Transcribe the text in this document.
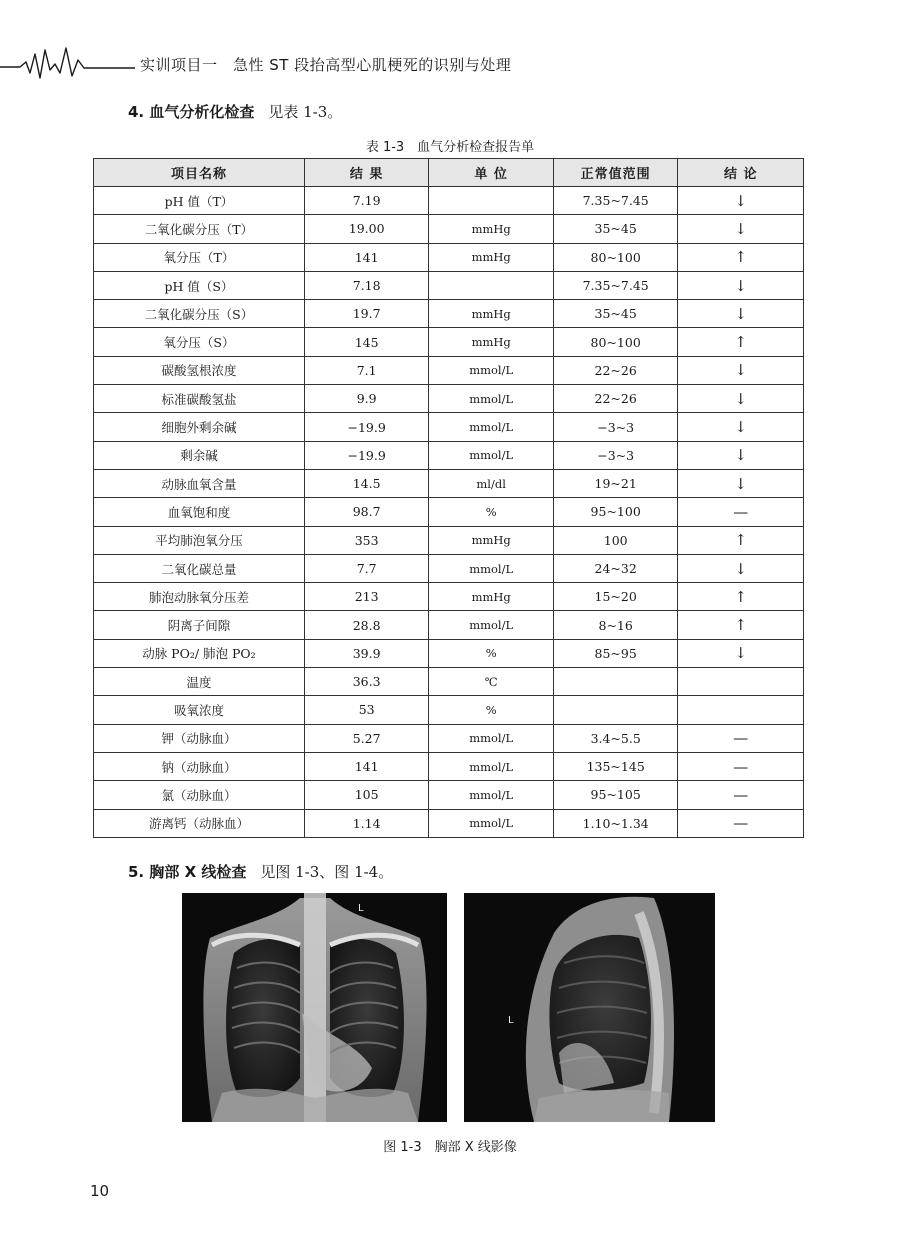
实训项目一　急性 ST 段抬高型心肌梗死的识别与处理
4. 血气分析化检查 见表 1-3。
表 1-3　血气分析检查报告单
项目名称	结 果	单 位	正常值范围	结 论
pH 值（T）	7.19		7.35~7.45	↓
二氧化碳分压（T）	19.00	mmHg	35~45	↓
氧分压（T）	141	mmHg	80~100	↑
pH 值（S）	7.18		7.35~7.45	↓
二氧化碳分压（S）	19.7	mmHg	35~45	↓
氧分压（S）	145	mmHg	80~100	↑
碳酸氢根浓度	7.1	mmol/L	22~26	↓
标准碳酸氢盐	9.9	mmol/L	22~26	↓
细胞外剩余碱	−19.9	mmol/L	−3~3	↓
剩余碱	−19.9	mmol/L	−3~3	↓
动脉血氧含量	14.5	ml/dl	19~21	↓
血氧饱和度	98.7	%	95~100	—
平均肺泡氧分压	353	mmHg	100	↑
二氧化碳总量	7.7	mmol/L	24~32	↓
肺泡动脉氧分压差	213	mmHg	15~20	↑
阴离子间隙	28.8	mmol/L	8~16	↑
动脉 PO₂/ 肺泡 PO₂	39.9	%	85~95	↓
温度	36.3	℃		
吸氧浓度	53	%		
钾（动脉血）	5.27	mmol/L	3.4~5.5	—
钠（动脉血）	141	mmol/L	135~145	—
氯（动脉血）	105	mmol/L	95~105	—
游离钙（动脉血）	1.14	mmol/L	1.10~1.34	—
5. 胸部 X 线检查 见图 1-3、图 1-4。
L
L
图 1-3　胸部 X 线影像
10
